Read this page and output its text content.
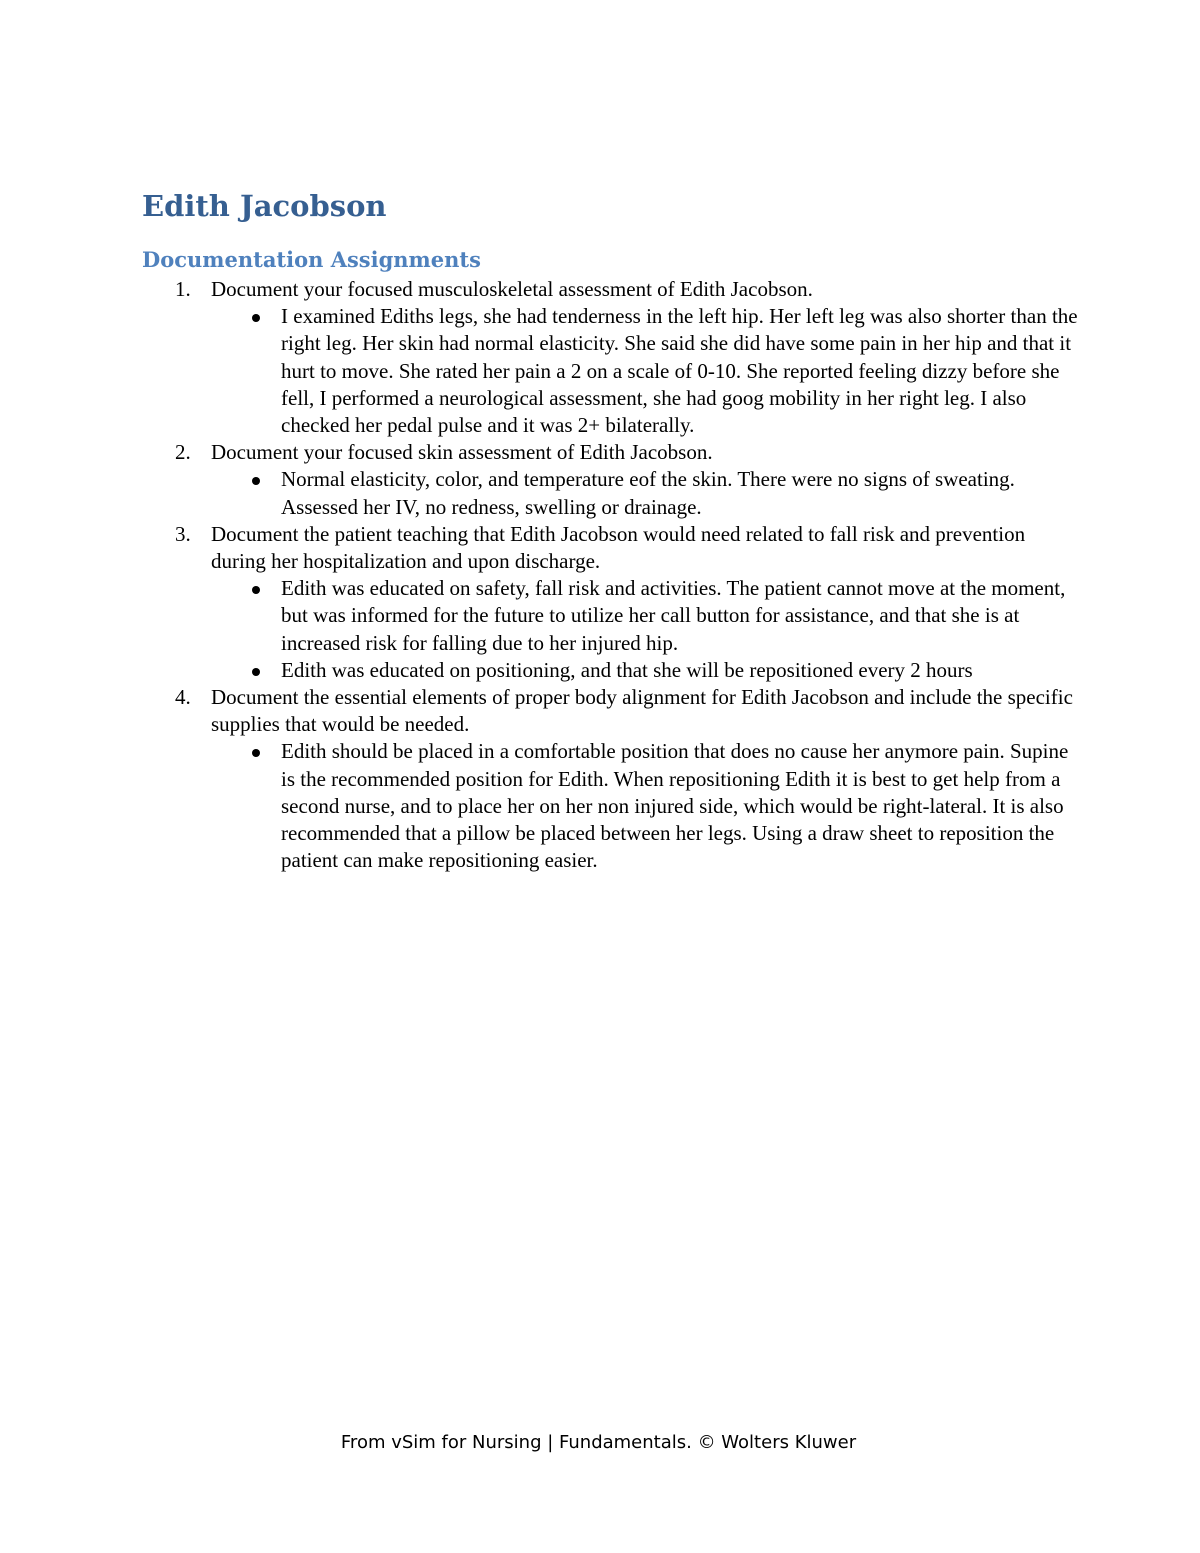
Edith Jacobson
Documentation Assignments
1. Document your focused musculoskeletal assessment of Edith Jacobson.
I examined Ediths legs, she had tenderness in the left hip. Her left leg was also shorter than the right leg. Her skin had normal elasticity. She said she did have some pain in her hip and that it hurt to move. She rated her pain a 2 on a scale of 0-10. She reported feeling dizzy before she fell, I performed a neurological assessment, she had goog mobility in her right leg. I also checked her pedal pulse and it was 2+ bilaterally.
2. Document your focused skin assessment of Edith Jacobson.
Normal elasticity, color, and temperature eof the skin. There were no signs of sweating. Assessed her IV, no redness, swelling or drainage.
3. Document the patient teaching that Edith Jacobson would need related to fall risk and prevention during her hospitalization and upon discharge.
Edith was educated on safety, fall risk and activities. The patient cannot move at the moment, but was informed for the future to utilize her call button for assistance, and that she is at increased risk for falling due to her injured hip.
Edith was educated on positioning, and that she will be repositioned every 2 hours
4. Document the essential elements of proper body alignment for Edith Jacobson and include the specific supplies that would be needed.
Edith should be placed in a comfortable position that does no cause her anymore pain. Supine is the recommended position for Edith. When repositioning Edith it is best to get help from a second nurse, and to place her on her non injured side, which would be right-lateral. It is also recommended that a pillow be placed between her legs. Using a draw sheet to reposition the patient can make repositioning easier.
From vSim for Nursing | Fundamentals. © Wolters Kluwer
